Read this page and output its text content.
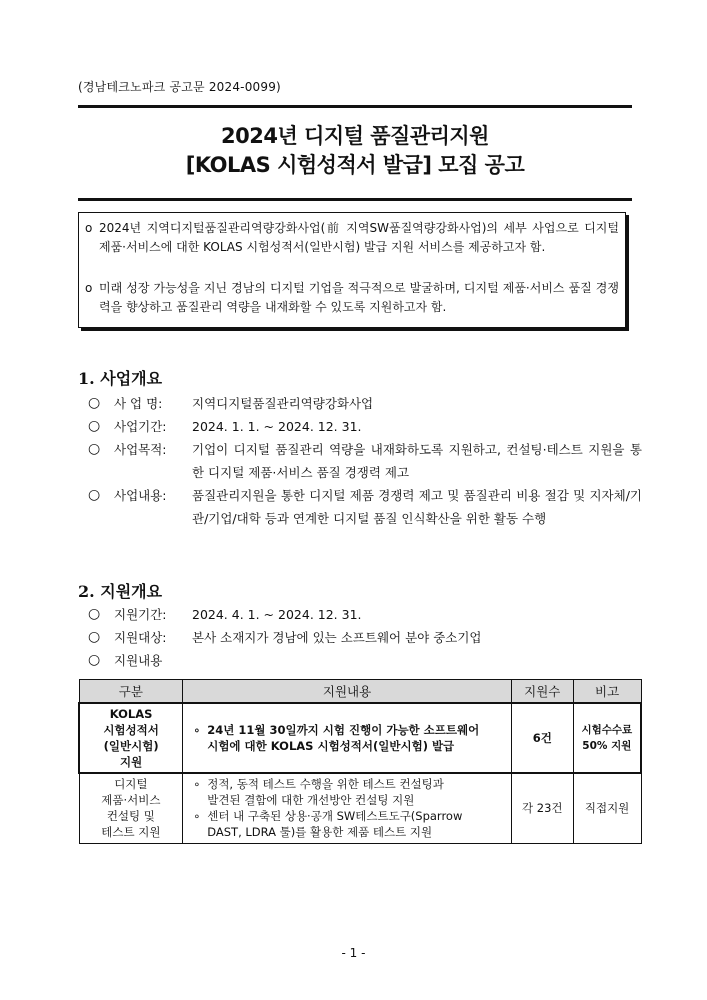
(경남테크노파크 공고문 2024-0099)
2024년 디지털 품질관리지원
[KOLAS 시험성적서 발급] 모집 공고
o 2024년 지역디지털품질관리역량강화사업(前 지역SW품질역량강화사업)의 세부 사업으로 디지털 제품·서비스에 대한 KOLAS 시험성적서(일반시험) 발급 지원 서비스를 제공하고자 함.
o 미래 성장 가능성을 지닌 경남의 디지털 기업을 적극적으로 발굴하며, 디지털 제품·서비스 품질 경쟁력을 향상하고 품질관리 역량을 내재화할 수 있도록 지원하고자 함.
1. 사업개요
○ 사 업 명: 지역디지털품질관리역량강화사업
○ 사업기간: 2024. 1. 1. ~ 2024. 12. 31.
○ 사업목적: 기업이 디지털 품질관리 역량을 내재화하도록 지원하고, 컨설팅·테스트 지원을 통한 디지털 제품·서비스 품질 경쟁력 제고
○ 사업내용: 품질관리지원을 통한 디지털 제품 경쟁력 제고 및 품질관리 비용 절감 및 지자체/기관/기업/대학 등과 연계한 디지털 품질 인식확산을 위한 활동 수행
2. 지원개요
○ 지원기간: 2024. 4. 1. ~ 2024. 12. 31.
○ 지원대상: 본사 소재지가 경남에 있는 소프트웨어 분야 중소기업
○ 지원내용
구분	지원내용	지원수	비고

KOLAS
시험성적서
(일반시험)
지원	∘ 24년 11월 30일까지 시험 진행이 가능한 소프트웨어
시험에 대한 KOLAS 시험성적서(일반시험) 발급	6건	시험수수료
50% 지원

디지털
제품·서비스
컨설팅 및
테스트 지원	∘ 정적, 동적 테스트 수행을 위한 테스트 컨설팅과
발견된 결함에 대한 개선방안 컨설팅 지원
∘ 센터 내 구축된 상용·공개 SW테스트도구(Sparrow
DAST, LDRA 툴)를 활용한 제품 테스트 지원	각 23건	직접지원
- 1 -
